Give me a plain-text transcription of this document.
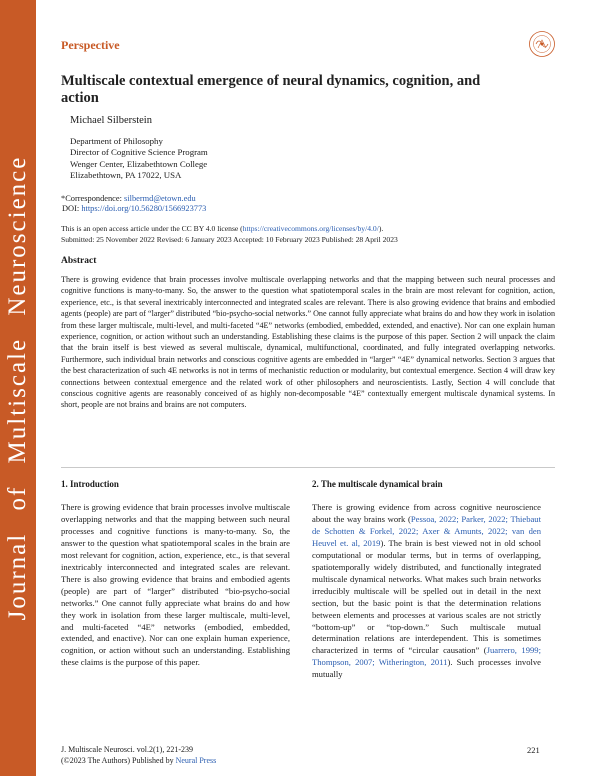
Journal of Multiscale Neuroscience
Perspective
Multiscale contextual emergence of neural dynamics, cognition, and action
Michael Silberstein
Department of Philosophy
Director of Cognitive Science Program
Wenger Center, Elizabethtown College
Elizabethtown, PA 17022, USA
*Correspondence: silbermd@etown.edu
DOI: https://doi.org/10.56280/1566923773
This is an open access article under the CC BY 4.0 license (https://creativecommons.org/licenses/by/4.0/).
Submitted: 25 November 2022 Revised: 6 January 2023 Accepted: 10 February 2023 Published: 28 April 2023
Abstract
There is growing evidence that brain processes involve multiscale overlapping networks and that the mapping between such neural processes and cognitive functions is many-to-many. So, the answer to the question what spatiotemporal scales in the brain are most relevant for cognition, action, experience, etc., is that several inextricably interconnected and integrated scales are relevant. There is also growing evidence that brains and embodied agents (people) are part of “larger” distributed “bio-psycho-social networks.” One cannot fully appreciate what brains do and how they work in isolation from these larger multiscale, multi-level, and multi-faceted “4E” networks (embodied, embedded, extended, and enactive). Nor can one explain human experience, cognition, or action without such an understanding. Establishing these claims is the purpose of this paper. Section 2 will unpack the claim that the brain itself is best viewed as several multiscale, dynamical, multifunctional, coordinated, and fully integrated overlapping networks. Furthermore, such individual brain networks and conscious cognitive agents are embedded in “larger” “4E” dynamical networks. Section 3 argues that the best characterization of such 4E networks is not in terms of mechanistic reduction or modularity, but contextual emergence. Section 4 will draw key connections between contextual emergence and the related work of other philosophers and neuroscientists. Lastly, Section 4 will conclude that conscious cognitive agents are reasonably conceived of as highly non-decomposable “4E” contextually emergent multiscale dynamical systems. In short, people are not brains and brains are not computers.
1. Introduction
There is growing evidence that brain processes involve multiscale overlapping networks and that the mapping between such neural processes and cognitive functions is many-to-many. So, the answer to the question what spatiotemporal scales in the brain are most relevant for cognition, action, experience, etc., is that several inextricably interconnected and integrated scales are relevant. There is also growing evidence that brains and embodied agents (people) are part of “larger” distributed “bio-psycho-social networks.” One cannot fully appreciate what brains do and how they work in isolation from these larger multiscale, multi-level, and multi-faceted “4E” networks (embodied, embedded, extended, and enactive). Nor can one explain human experience, cognition, or action without such an understanding. Establishing these claims is the purpose of this paper.
2. The multiscale dynamical brain
There is growing evidence from across cognitive neuroscience about the way brains work (Pessoa, 2022; Parker, 2022; Thiebaut de Schotten & Forkel, 2022; Axer & Amunts, 2022; van den Heuvel et. al, 2019). The brain is best viewed not in old school computational or modular terms, but in terms of overlapping, spatiotemporally widely distributed, and functionally integrated multiscale dynamical networks. What makes such brain networks irreducibly multiscale will be spelled out in detail in the next section, but the basic point is that the determination relations between elements and processes at various scales are not strictly “bottom-up” or “top-down.” Such multiscale mutual determination relations are interdependent. This is sometimes characterized in terms of “circular causation” (Juarrero, 1999; Thompson, 2007; Witherington, 2011). Such processes involve mutually
J. Multiscale Neurosci. vol.2(1), 221-239
(©2023 The Authors) Published by Neural Press
221
